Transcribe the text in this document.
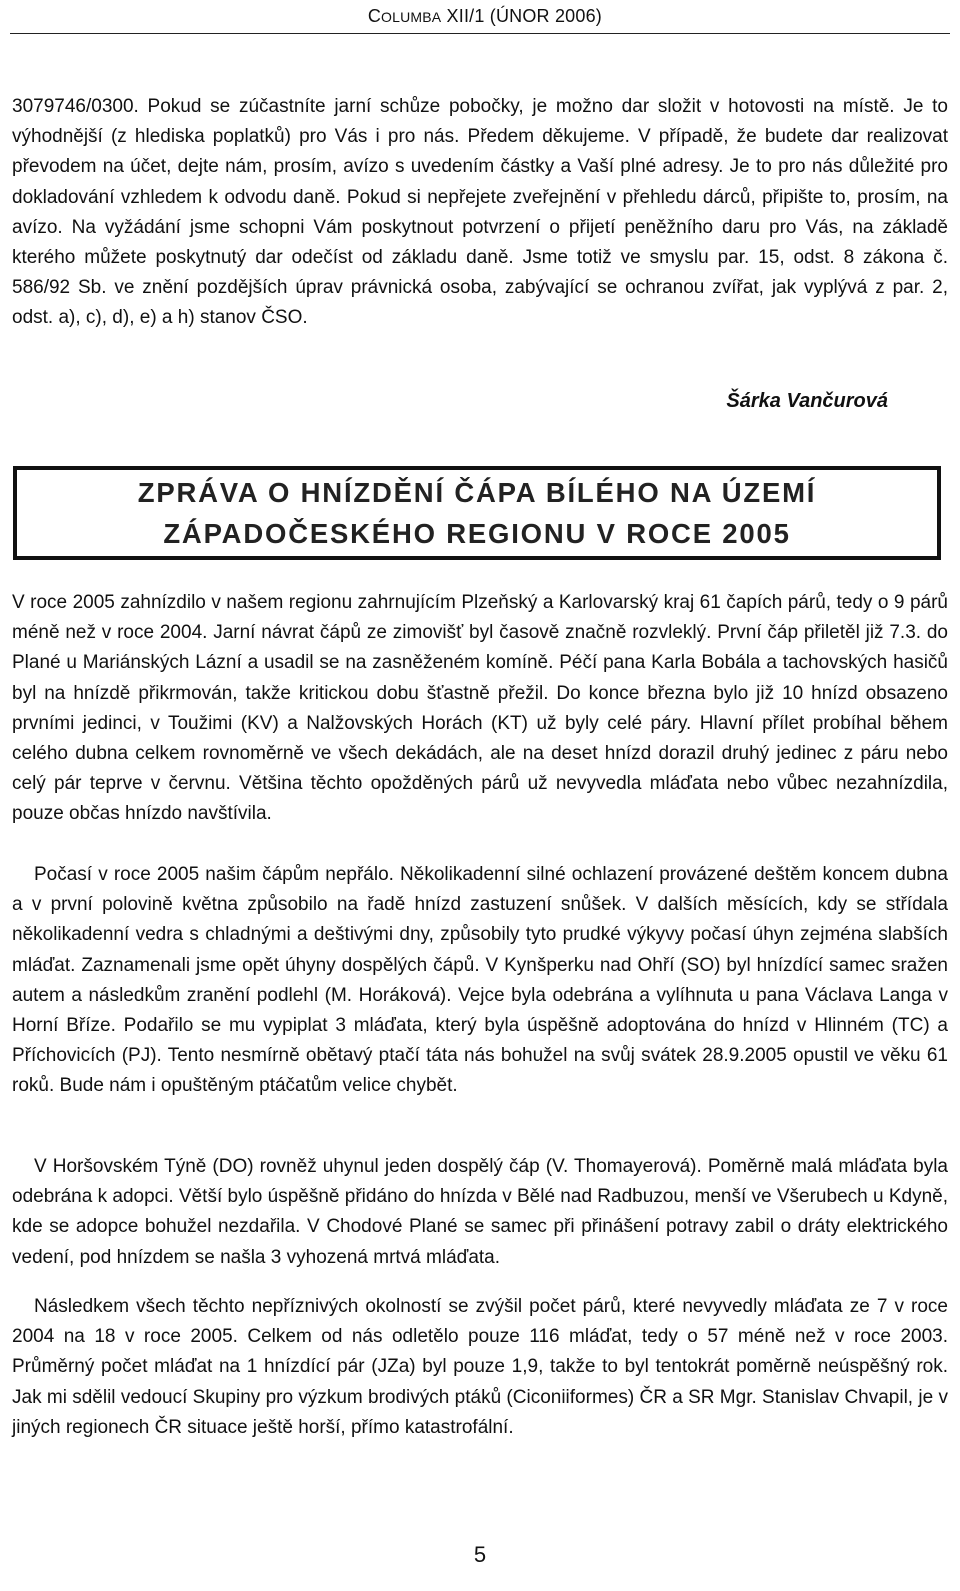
COLUMBA XII/1 (ÚNOR 2006)

3079746/0300. Pokud se zúčastníte jarní schůze pobočky, je možno dar složit v hotovosti na místě. Je to výhodnější (z hlediska poplatků) pro Vás i pro nás. Předem děkujeme. V případě, že budete dar realizovat převodem na účet, dejte nám, prosím, avízo s uvedením částky a Vaší plné adresy. Je to pro nás důležité pro dokladování vzhledem k odvodu daně. Pokud si nepřejete zveřejnění v přehledu dárců, připište to, prosím, na avízo. Na vyžádání jsme schopni Vám poskytnout potvrzení o přijetí peněžního daru pro Vás, na základě kterého můžete poskytnutý dar odečíst od základu daně. Jsme totiž ve smyslu par. 15, odst. 8 zákona č. 586/92 Sb. ve znění pozdějších úprav právnická osoba, zabývající se ochranou zvířat, jak vyplývá z par. 2, odst. a), c), d), e) a h) stanov ČSO.

Šárka Vančurová
ZPRÁVA O HNÍZDĚNÍ ČÁPA BÍLÉHO NA ÚZEMÍ
ZÁPADOČESKÉHO REGIONU V ROCE 2005

V roce 2005 zahnízdilo v našem regionu zahrnujícím Plzeňský a Karlovarský kraj 61 čapích párů, tedy o 9 párů méně než v roce 2004. Jarní návrat čápů ze zimovišť byl časově značně rozvleklý. První čáp přiletěl již 7.3. do Plané u Mariánských Lázní a usadil se na zasněženém komíně. Péčí pana Karla Bobála a tachovských hasičů byl na hnízdě přikrmován, takže kritickou dobu šťastně přežil. Do konce března bylo již 10 hnízd obsazeno prvními jedinci, v Toužimi (KV) a Nalžovských Horách (KT) už byly celé páry. Hlavní přílet probíhal během celého dubna celkem rovnoměrně ve všech dekádách, ale na deset hnízd dorazil druhý jedinec z páru nebo celý pár teprve v červnu. Většina těchto opožděných párů už nevyvedla mláďata nebo vůbec nezahnízdila, pouze občas hnízdo navštívila.

Počasí v roce 2005 našim čápům nepřálo. Několikadenní silné ochlazení provázené deštěm koncem dubna a v první polovině května způsobilo na řadě hnízd zastuzení snůšek. V dalších měsících, kdy se střídala několikadenní vedra s chladnými a deštivými dny, způsobily tyto prudké výkyvy počasí úhyn zejména slabších mláďat. Zaznamenali jsme opět úhyny dospělých čápů. V Kynšperku nad Ohří (SO) byl hnízdící samec sražen autem a následkům zranění podlehl (M. Horáková). Vejce byla odebrána a vylíhnuta u pana Václava Langa v Horní Bříze. Podařilo se mu vypiplat 3 mláďata, který byla úspěšně adoptována do hnízd v Hlinném (TC) a Příchovicích (PJ). Tento nesmírně obětavý ptačí táta nás bohužel na svůj svátek 28.9.2005 opustil ve věku 61 roků. Bude nám i opuštěným ptáčatům velice chybět.

V Horšovském Týně (DO) rovněž uhynul jeden dospělý čáp (V. Thomayerová). Poměrně malá mláďata byla odebrána k adopci. Větší bylo úspěšně přidáno do hnízda v Bělé nad Radbuzou, menší ve Všerubech u Kdyně, kde se adopce bohužel nezdařila. V Chodové Plané se samec při přinášení potravy zabil o dráty elektrického vedení, pod hnízdem se našla 3 vyhozená mrtvá mláďata.

Následkem všech těchto nepříznivých okolností se zvýšil počet párů, které nevyvedly mláďata ze 7 v roce 2004 na 18 v roce 2005. Celkem od nás odletělo pouze 116 mláďat, tedy o 57 méně než v roce 2003. Průměrný počet mláďat na 1 hnízdící pár (JZa) byl pouze 1,9, takže to byl tentokrát poměrně neúspěšný rok. Jak mi sdělil vedoucí Skupiny pro výzkum brodivých ptáků (Ciconiiformes) ČR a SR Mgr. Stanislav Chvapil, je v jiných regionech ČR situace ještě horší, přímo katastrofální.

5
